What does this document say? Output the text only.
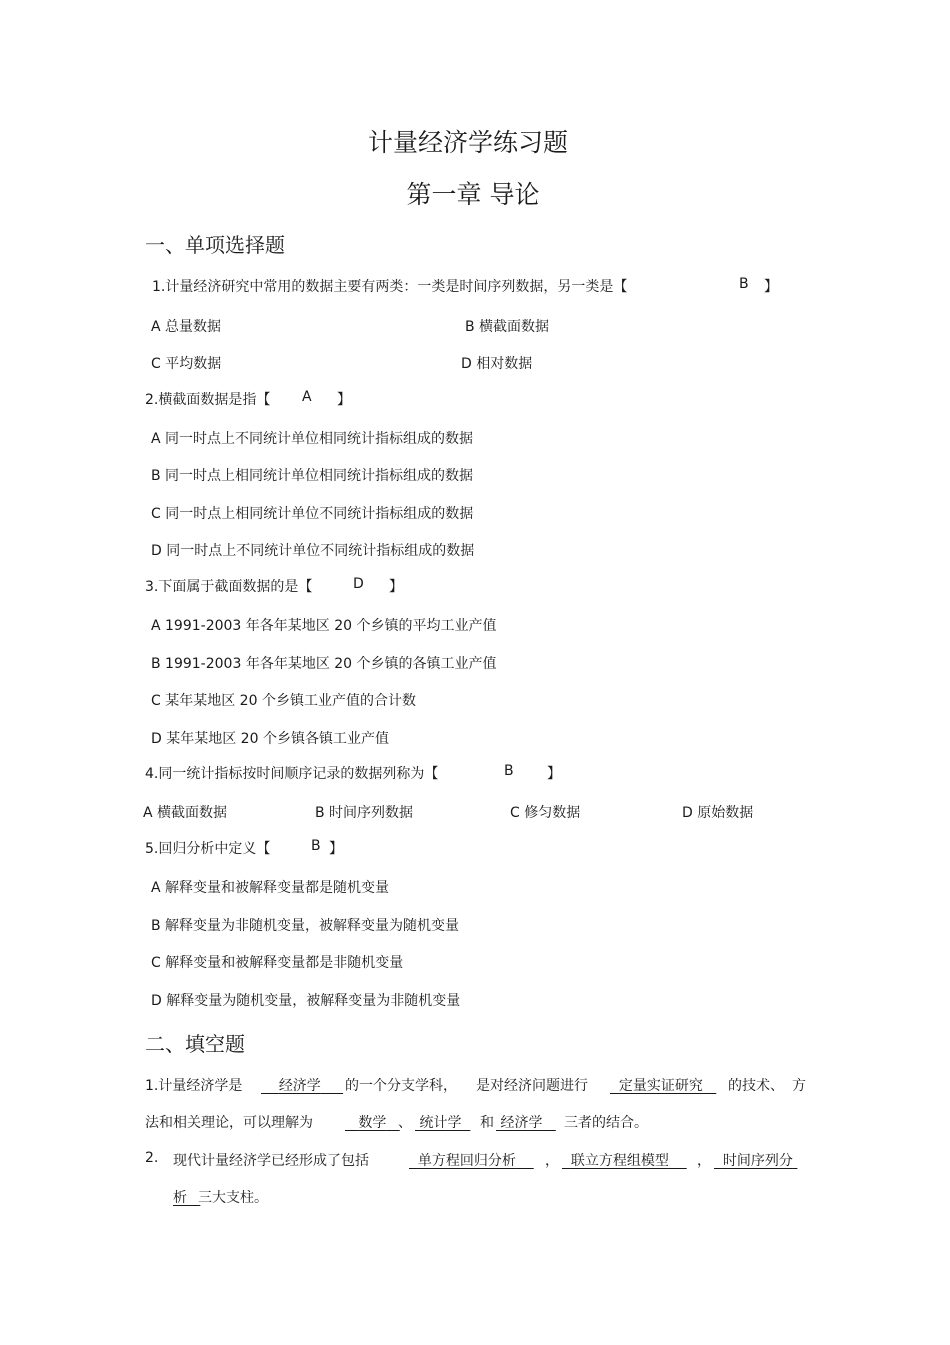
计量经济学练习题
第一章 导论
一、单项选择题
1.计量经济研究中常用的数据主要有两类：一类是时间序列数据，另一类是【	B 】
A 总量数据	B 横截面数据
C 平均数据	D 相对数据
2.横截面数据是指【 A 】
A 同一时点上不同统计单位相同统计指标组成的数据
B 同一时点上相同统计单位相同统计指标组成的数据
C 同一时点上相同统计单位不同统计指标组成的数据
D 同一时点上不同统计单位不同统计指标组成的数据
3.下面属于截面数据的是【	D 】
A 1991-2003 年各年某地区 20 个乡镇的平均工业产值
B 1991-2003 年各年某地区 20 个乡镇的各镇工业产值
C 某年某地区 20 个乡镇工业产值的合计数
D 某年某地区 20 个乡镇各镇工业产值
4.同一统计指标按时间顺序记录的数据列称为【	B 】
A 横截面数据	B 时间序列数据	C 修匀数据	D 原始数据
5.回归分析中定义【	B 】
A 解释变量和被解释变量都是随机变量
B 解释变量为非随机变量，被解释变量为随机变量
C 解释变量和被解释变量都是非随机变量
D 解释变量为随机变量，被解释变量为非随机变量
二、填空题
1.计量经济学是	经济学	的一个分支学科， 是对经济问题进行	定量实证研究	的技术、 方
法和相关理论，可以理解为	数学 、 统计学	和 经济学	三者的结合。
2. 现代计量经济学已经形成了包括	单方程回归分析	， 联立方程组模型	， 时间序列分
析 三大支柱。
